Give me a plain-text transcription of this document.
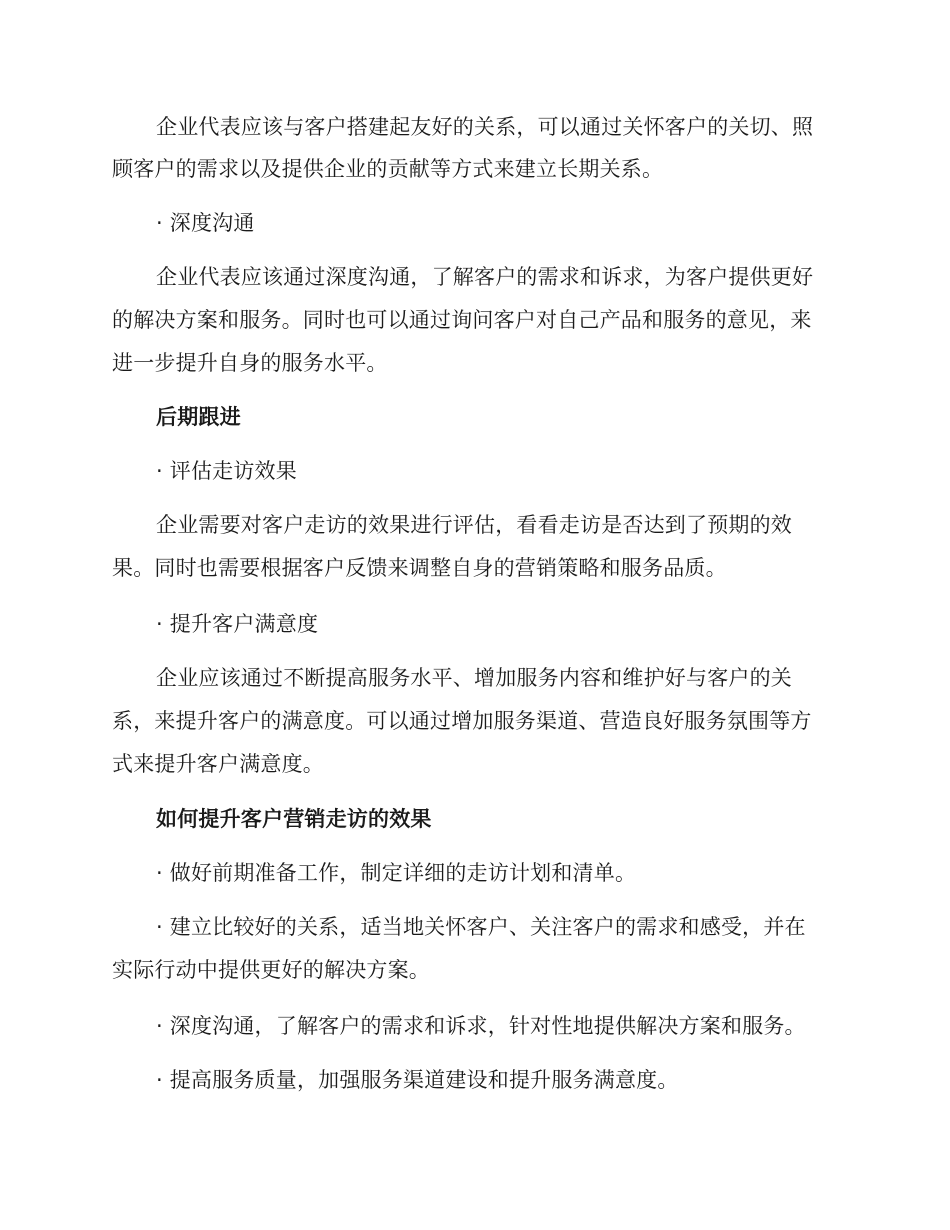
企业代表应该与客户搭建起友好的关系，可以通过关怀客户的关切、照
顾客户的需求以及提供企业的贡献等方式来建立长期关系。
· 深度沟通
企业代表应该通过深度沟通，了解客户的需求和诉求，为客户提供更好
的解决方案和服务。同时也可以通过询问客户对自己产品和服务的意见，来
进一步提升自身的服务水平。
后期跟进
· 评估走访效果
企业需要对客户走访的效果进行评估，看看走访是否达到了预期的效
果。同时也需要根据客户反馈来调整自身的营销策略和服务品质。
· 提升客户满意度
企业应该通过不断提高服务水平、增加服务内容和维护好与客户的关
系，来提升客户的满意度。可以通过增加服务渠道、营造良好服务氛围等方
式来提升客户满意度。
如何提升客户营销走访的效果
· 做好前期准备工作，制定详细的走访计划和清单。
· 建立比较好的关系，适当地关怀客户、关注客户的需求和感受，并在
实际行动中提供更好的解决方案。
· 深度沟通，了解客户的需求和诉求，针对性地提供解决方案和服务。
· 提高服务质量，加强服务渠道建设和提升服务满意度。
